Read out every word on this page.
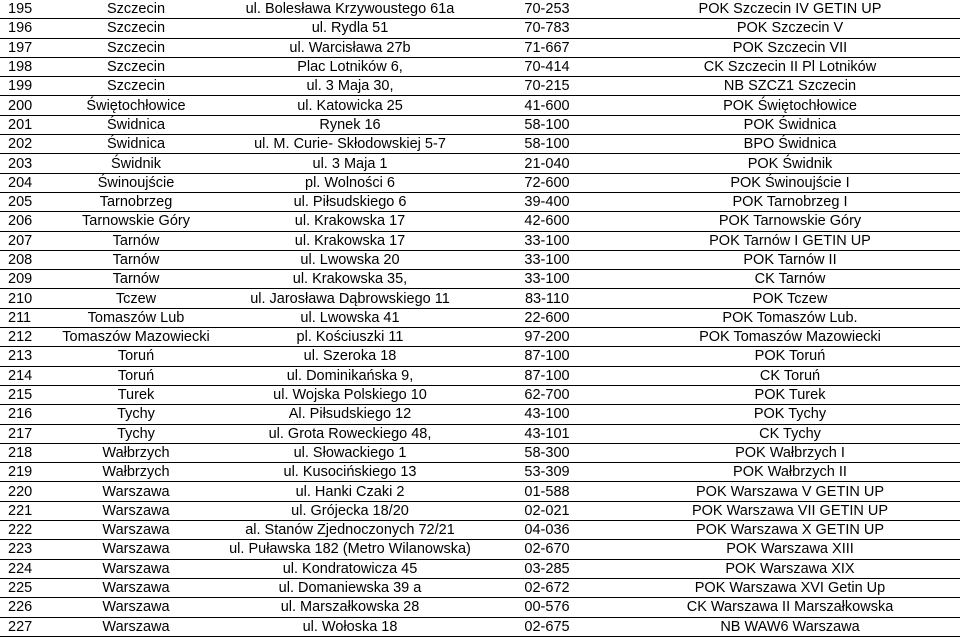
195	Szczecin	ul. Bolesława Krzywoustego 61a	70-253	POK Szczecin IV GETIN UP
196	Szczecin	ul. Rydla 51	70-783	POK Szczecin V
197	Szczecin	ul. Warcisława 27b	71-667	POK Szczecin VII
198	Szczecin	Plac Lotników 6,	70-414	CK Szczecin II Pl Lotników
199	Szczecin	ul. 3 Maja 30,	70-215	NB SZCZ1 Szczecin
200	Świętochłowice	ul. Katowicka 25	41-600	POK Świętochłowice
201	Świdnica	Rynek 16	58-100	POK Świdnica
202	Świdnica	ul. M. Curie- Skłodowskiej 5-7	58-100	BPO Świdnica
203	Świdnik	ul. 3 Maja 1	21-040	POK Świdnik
204	Świnoujście	pl. Wolności 6	72-600	POK Świnoujście I
205	Tarnobrzeg	ul. Piłsudskiego 6	39-400	POK Tarnobrzeg I
206	Tarnowskie Góry	ul. Krakowska 17	42-600	POK Tarnowskie Góry
207	Tarnów	ul. Krakowska 17	33-100	POK Tarnów I GETIN UP
208	Tarnów	ul. Lwowska 20	33-100	POK Tarnów II
209	Tarnów	ul. Krakowska 35,	33-100	CK Tarnów
210	Tczew	ul. Jarosława Dąbrowskiego 11	83-110	POK Tczew
211	Tomaszów Lub	ul. Lwowska 41	22-600	POK Tomaszów Lub.
212	Tomaszów Mazowiecki	pl. Kościuszki 11	97-200	POK Tomaszów Mazowiecki
213	Toruń	ul. Szeroka 18	87-100	POK Toruń
214	Toruń	ul. Dominikańska 9,	87-100	CK Toruń
215	Turek	ul. Wojska Polskiego 10	62-700	POK Turek
216	Tychy	Al. Piłsudskiego 12	43-100	POK Tychy
217	Tychy	ul. Grota Roweckiego 48,	43-101	CK Tychy
218	Wałbrzych	ul. Słowackiego 1	58-300	POK Wałbrzych I
219	Wałbrzych	ul. Kusocińskiego 13	53-309	POK Wałbrzych II
220	Warszawa	ul. Hanki Czaki 2	01-588	POK Warszawa V GETIN UP
221	Warszawa	ul. Grójecka 18/20	02-021	POK Warszawa VII GETIN UP
222	Warszawa	al. Stanów Zjednoczonych 72/21	04-036	POK Warszawa X GETIN UP
223	Warszawa	ul. Puławska 182 (Metro Wilanowska)	02-670	POK Warszawa XIII
224	Warszawa	ul. Kondratowicza 45	03-285	POK Warszawa XIX
225	Warszawa	ul. Domaniewska 39 a	02-672	POK Warszawa XVI Getin Up
226	Warszawa	ul. Marszałkowska 28	00-576	CK Warszawa II Marszałkowska
227	Warszawa	ul. Wołoska 18	02-675	NB WAW6 Warszawa
